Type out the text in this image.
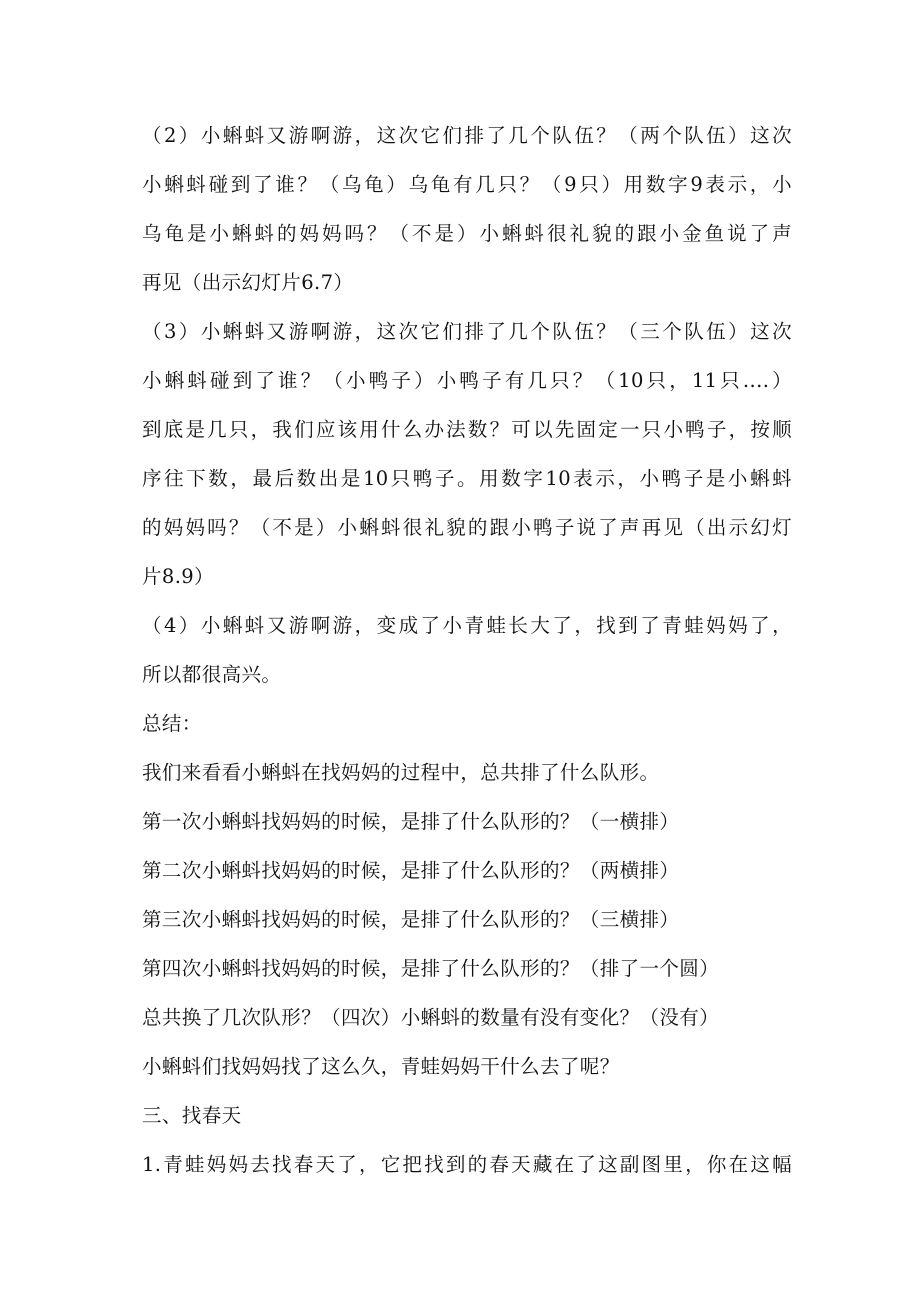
（2）小蝌蚪又游啊游，这次它们排了几个队伍？（两个队伍）这次
小蝌蚪碰到了谁？（乌龟）乌龟有几只？（9只）用数字9表示，小
乌龟是小蝌蚪的妈妈吗？（不是）小蝌蚪很礼貌的跟小金鱼说了声
再见（出示幻灯片6.7）
（3）小蝌蚪又游啊游，这次它们排了几个队伍？（三个队伍）这次
小蝌蚪碰到了谁？（小鸭子）小鸭子有几只？（10只，11只....）
到底是几只，我们应该用什么办法数？可以先固定一只小鸭子，按顺
序往下数，最后数出是10只鸭子。用数字10表示，小鸭子是小蝌蚪
的妈妈吗？（不是）小蝌蚪很礼貌的跟小鸭子说了声再见（出示幻灯
片8.9）
（4）小蝌蚪又游啊游，变成了小青蛙长大了，找到了青蛙妈妈了，
所以都很高兴。
总结：
我们来看看小蝌蚪在找妈妈的过程中，总共排了什么队形。
第一次小蝌蚪找妈妈的时候，是排了什么队形的？（一横排）
第二次小蝌蚪找妈妈的时候，是排了什么队形的？（两横排）
第三次小蝌蚪找妈妈的时候，是排了什么队形的？（三横排）
第四次小蝌蚪找妈妈的时候，是排了什么队形的？（排了一个圆）
总共换了几次队形？（四次）小蝌蚪的数量有没有变化？（没有）
小蝌蚪们找妈妈找了这么久，青蛙妈妈干什么去了呢？
三、找春天
1.青蛙妈妈去找春天了，它把找到的春天藏在了这副图里，你在这幅
